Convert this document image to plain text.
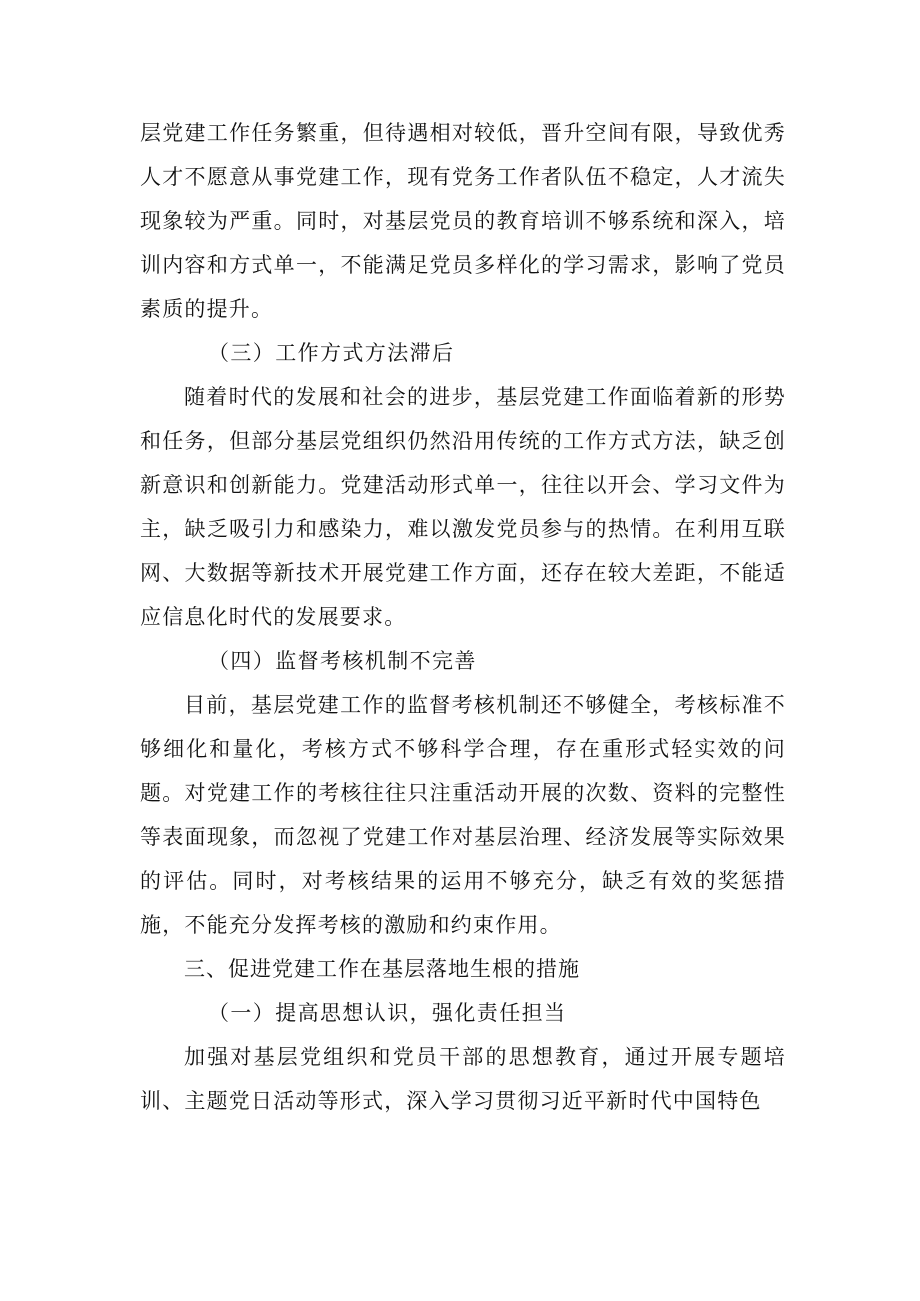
层党建工作任务繁重，但待遇相对较低，晋升空间有限，导致优秀人才不愿意从事党建工作，现有党务工作者队伍不稳定，人才流失现象较为严重。同时，对基层党员的教育培训不够系统和深入，培训内容和方式单一，不能满足党员多样化的学习需求，影响了党员素质的提升。

（三）工作方式方法滞后

随着时代的发展和社会的进步，基层党建工作面临着新的形势和任务，但部分基层党组织仍然沿用传统的工作方式方法，缺乏创新意识和创新能力。党建活动形式单一，往往以开会、学习文件为主，缺乏吸引力和感染力，难以激发党员参与的热情。在利用互联网、大数据等新技术开展党建工作方面，还存在较大差距，不能适应信息化时代的发展要求。

（四）监督考核机制不完善

目前，基层党建工作的监督考核机制还不够健全，考核标准不够细化和量化，考核方式不够科学合理，存在重形式轻实效的问题。对党建工作的考核往往只注重活动开展的次数、资料的完整性等表面现象，而忽视了党建工作对基层治理、经济发展等实际效果的评估。同时，对考核结果的运用不够充分，缺乏有效的奖惩措施，不能充分发挥考核的激励和约束作用。

三、促进党建工作在基层落地生根的措施

（一）提高思想认识，强化责任担当

加强对基层党组织和党员干部的思想教育，通过开展专题培训、主题党日活动等形式，深入学习贯彻习近平新时代中国特色
